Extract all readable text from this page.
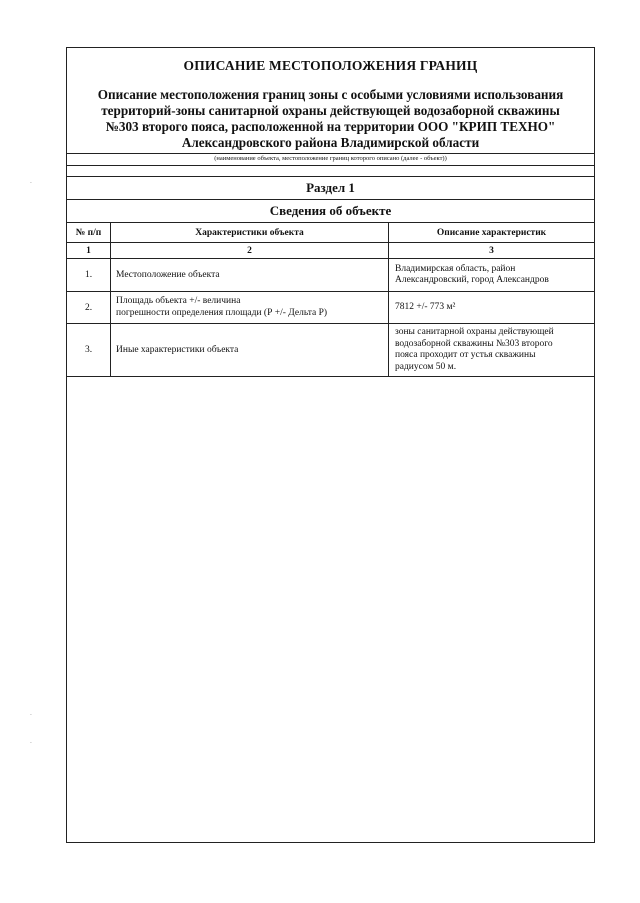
·
·
·
ОПИСАНИЕ МЕСТОПОЛОЖЕНИЯ ГРАНИЦ
Описание местоположения границ зоны с особыми условиями использования
территорий-зоны санитарной охраны действующей водозаборной скважины
№303 второго пояса, расположенной на территории ООО "КРИП ТЕХНО"
Александровского района Владимирской области
(наименование объекта, местоположение границ которого описано (далее - объект))
Раздел 1
Сведения об объекте
№ п/п	Характеристики объекта	Описание характеристик
1	2	3
1.	Местоположение объекта	Владимирская область, район
Александровский, город Александров

2.	Площадь объекта +/- величина
погрешности определения площади (Р +/- Дельта Р)	7812 +/- 773 м²

3.	Иные характеристики объекта	зоны санитарной охраны действующей
водозаборной скважины №303 второго
пояса проходит от устья скважины
радиусом 50 м.
